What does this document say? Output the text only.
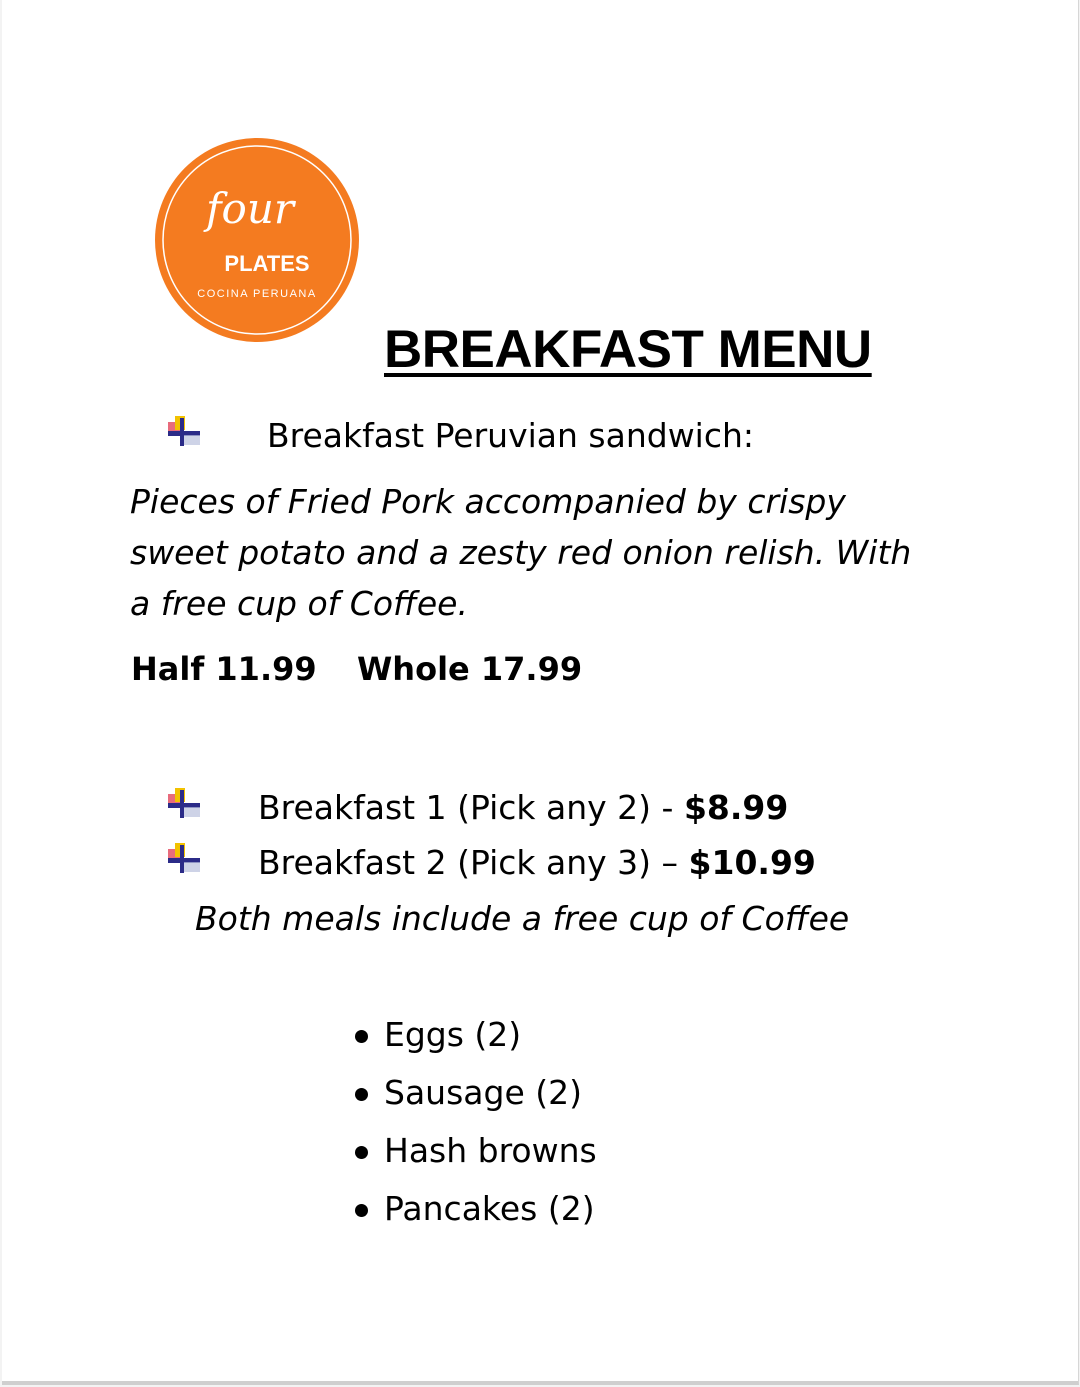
four
PLATES
COCINA PERUANA
BREAKFAST MENU
Breakfast Peruvian sandwich:

Pieces of Fried Pork accompanied by crispy
sweet potato and a zesty red onion relish. With
a free cup of Coffee.

Half 11.99 Whole 17.99
Breakfast 1 (Pick any 2) - $8.99
Breakfast 2 (Pick any 3) – $10.99
Both meals include a free cup of Coffee
Eggs (2)
Sausage (2)
Hash browns
Pancakes (2)
